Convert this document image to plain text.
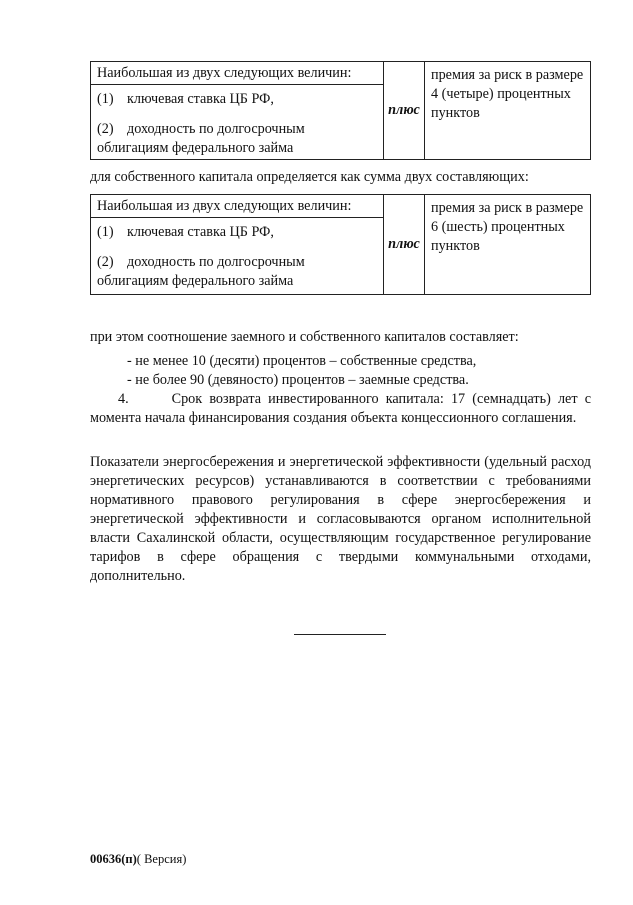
Наибольшая из двух следующих величин:
(1) ключевая ставка ЦБ РФ,
(2) доходность по долгосрочным облигациям федерального займа
	плюс	премия за риск в размере 4 (четыре) процентных пунктов
для собственного капитала определяется как сумма двух составляющих:
Наибольшая из двух следующих величин:
(1) ключевая ставка ЦБ РФ,
(2) доходность по долгосрочным облигациям федерального займа
	плюс	премия за риск в размере 6 (шесть) процентных пунктов
при этом соотношение заемного и собственного капиталов составляет:
- не менее 10 (десяти) процентов – собственные средства,
- не более 90 (девяносто) процентов – заемные средства.
4.	Срок возврата инвестированного капитала: 17 (семнадцать) лет с момента начала финансирования создания объекта концессионного соглашения.
Показатели энергосбережения и энергетической эффективности (удельный расход энергетических ресурсов) устанавливаются в соответствии с требованиями нормативного правового регулирования в сфере энергосбережения и энергетической эффективности и согласовываются органом исполнительной власти Сахалинской области, осуществляющим государственное регулирование тарифов в сфере обращения с твердыми коммунальными отходами, дополнительно.
00636(п)( Версия)
